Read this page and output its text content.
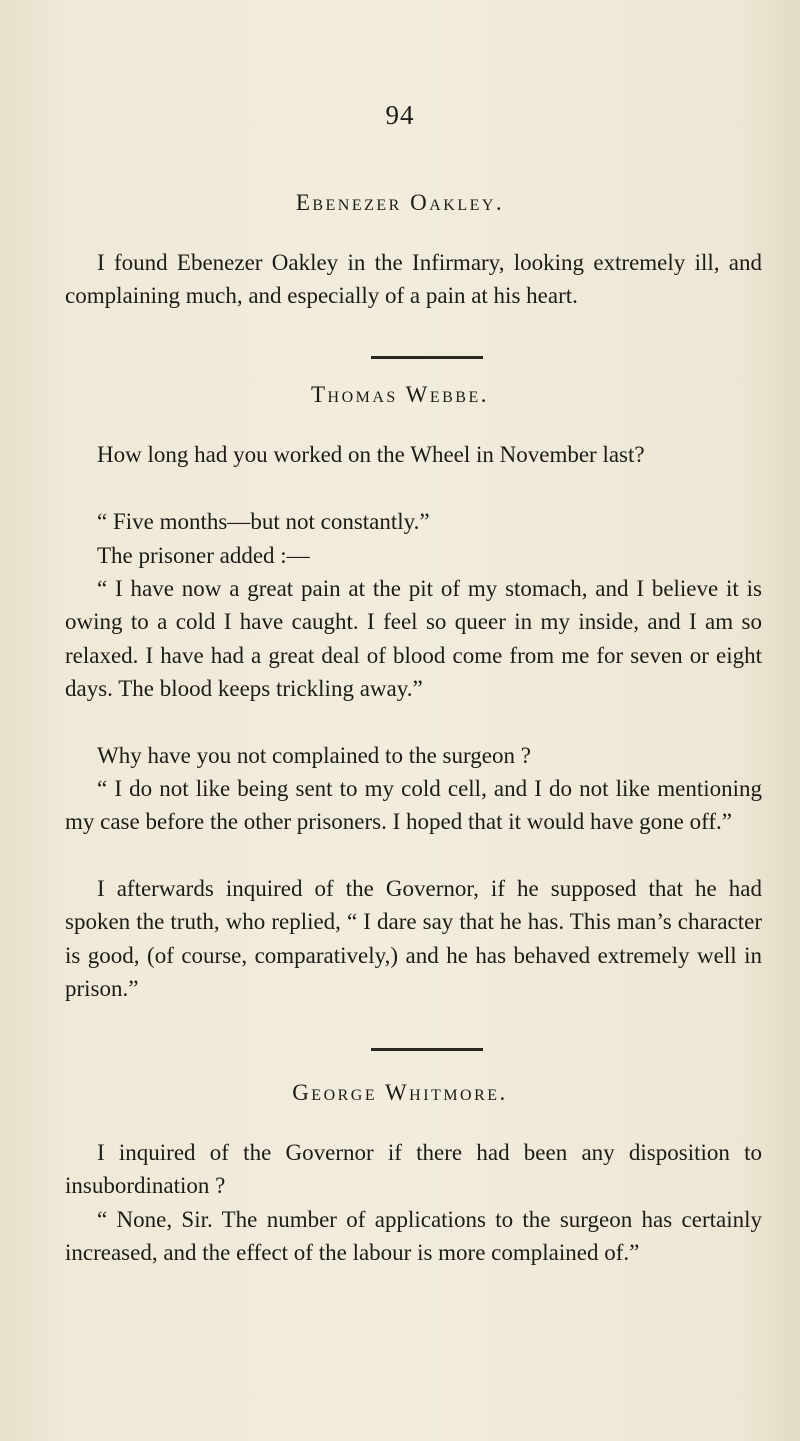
94
Ebenezer Oakley.

I found Ebenezer Oakley in the Infirmary, looking extremely ill, and complaining much, and especially of a pain at his heart.

Thomas Webbe.

How long had you worked on the Wheel in November last?

“ Five months—but not constantly.”

The prisoner added :—

“ I have now a great pain at the pit of my stomach, and I believe it is owing to a cold I have caught. I feel so queer in my inside, and I am so relaxed. I have had a great deal of blood come from me for seven or eight days. The blood keeps trickling away.”

Why have you not complained to the surgeon ?

“ I do not like being sent to my cold cell, and I do not like mentioning my case before the other prisoners. I hoped that it would have gone off.”

I afterwards inquired of the Governor, if he supposed that he had spoken the truth, who replied, “ I dare say that he has. This man’s character is good, (of course, comparatively,) and he has behaved extremely well in prison.”

George Whitmore.

I inquired of the Governor if there had been any disposition to insubordination ?

“ None, Sir. The number of applications to the surgeon has certainly increased, and the effect of the labour is more complained of.”
